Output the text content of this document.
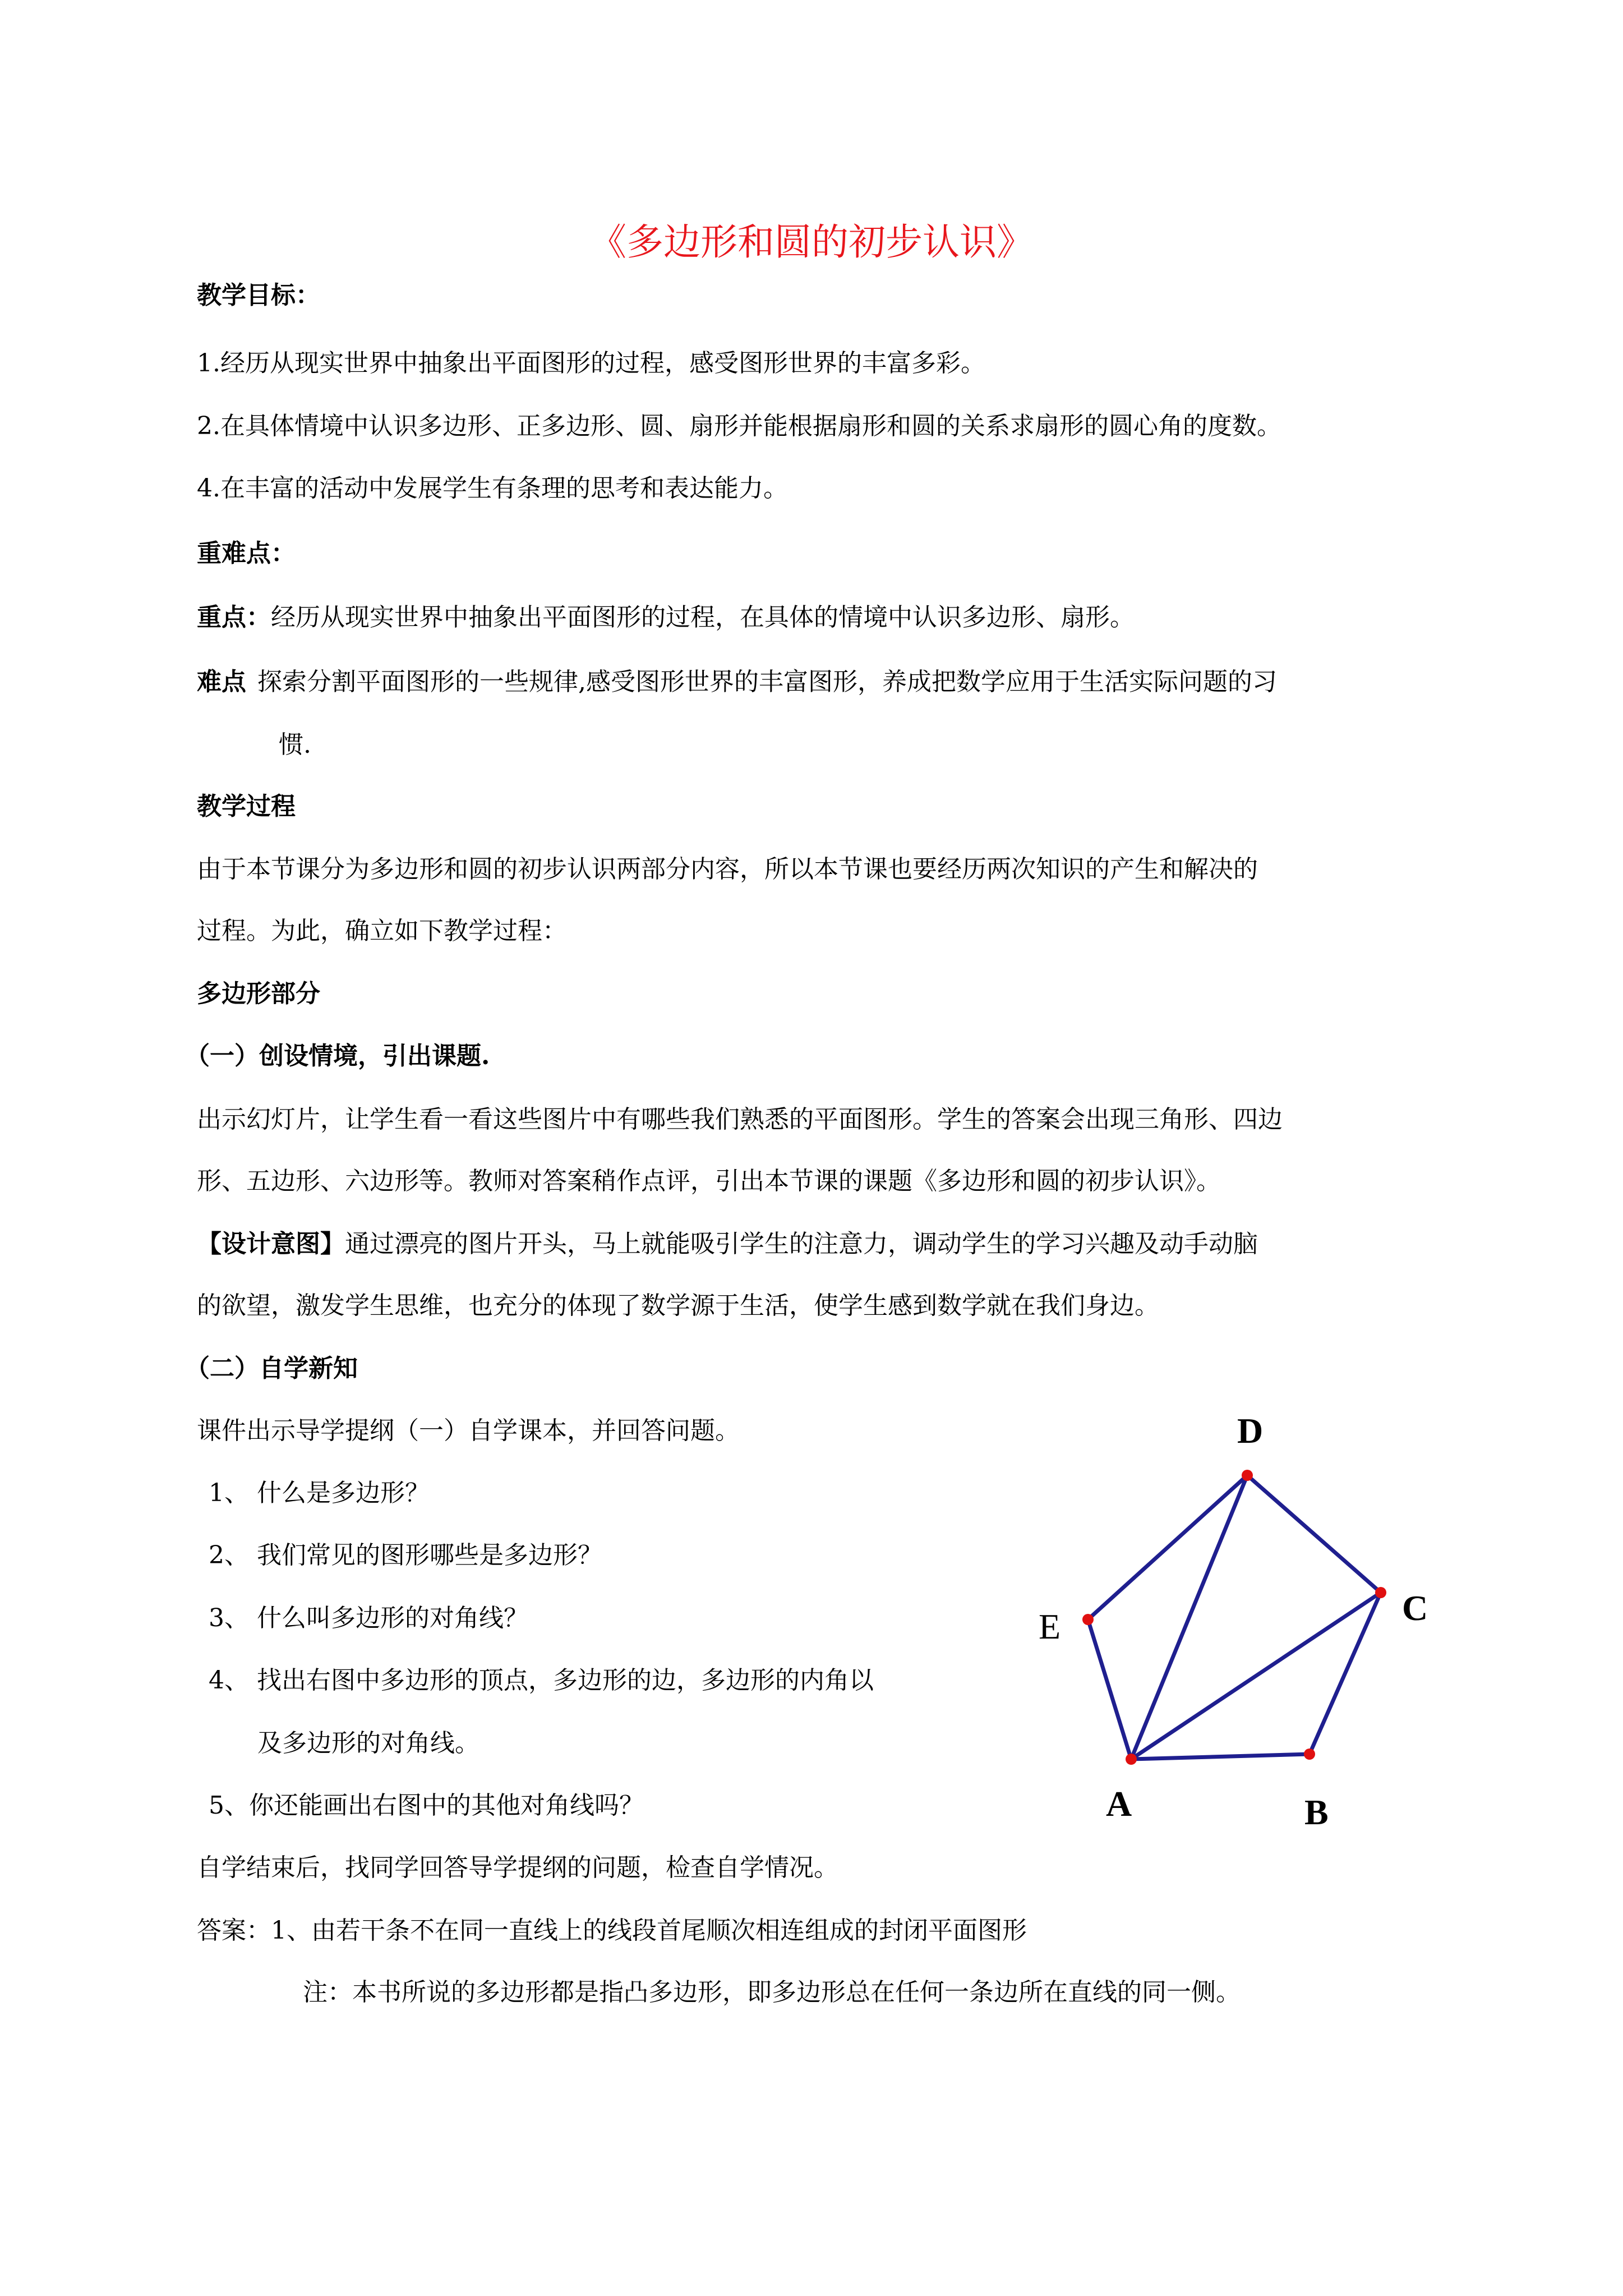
《多边形和圆的初步认识》
教学目标：
1.经历从现实世界中抽象出平面图形的过程，感受图形世界的丰富多彩。
2.在具体情境中认识多边形、正多边形、圆、扇形并能根据扇形和圆的关系求扇形的圆心角的度数。
4.在丰富的活动中发展学生有条理的思考和表达能力。
重难点：
重点：经历从现实世界中抽象出平面图形的过程，在具体的情境中认识多边形、扇形。
难点 探索分割平面图形的一些规律,感受图形世界的丰富图形，养成把数学应用于生活实际问题的习
惯.
教学过程
由于本节课分为多边形和圆的初步认识两部分内容，所以本节课也要经历两次知识的产生和解决的
过程。为此，确立如下教学过程：
多边形部分
（一）创设情境，引出课题.
出示幻灯片，让学生看一看这些图片中有哪些我们熟悉的平面图形。学生的答案会出现三角形、四边
形、五边形、六边形等。教师对答案稍作点评，引出本节课的课题《多边形和圆的初步认识》。
【设计意图】通过漂亮的图片开头，马上就能吸引学生的注意力，调动学生的学习兴趣及动手动脑
的欲望，激发学生思维，也充分的体现了数学源于生活，使学生感到数学就在我们身边。
（二）自学新知
课件出示导学提纲（一）自学课本，并回答问题。
1、 什么是多边形？
2、 我们常见的图形哪些是多边形？
3、 什么叫多边形的对角线？
4、 找出右图中多边形的顶点，多边形的边，多边形的内角以
及多边形的对角线。
5、你还能画出右图中的其他对角线吗？
自学结束后，找同学回答导学提纲的问题，检查自学情况。
答案：1、由若干条不在同一直线上的线段首尾顺次相连组成的封闭平面图形
注：本书所说的多边形都是指凸多边形，即多边形总在任何一条边所在直线的同一侧。
D
C
E
A	B
